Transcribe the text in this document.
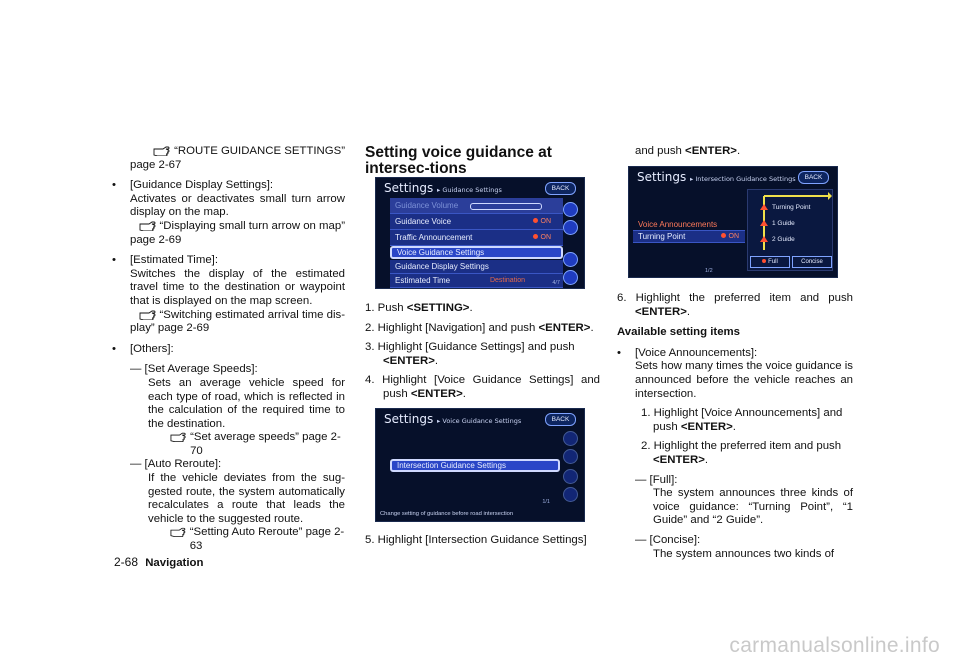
“ROUTE GUIDANCE SETTINGS”

page 2-67

• [Guidance Display Settings]:

Activates or deactivates small turn arrow display on the map.

“Displaying small turn arrow on map”

page 2-69

• [Estimated Time]:

Switches the display of the estimated travel time to the destination or waypoint that is displayed on the map screen.

“Switching estimated arrival time dis-

play” page 2-69

• [Others]:

— [Set Average Speeds]:

Sets an average vehicle speed for each type of road, which is reflected in the calculation of the required time to the destination.

“Set average speeds” page 2-70

— [Auto Reroute]:

If the vehicle deviates from the sug-gested route, the system automatically recalculates a route that leads the vehicle to the suggested route.

“Setting Auto Reroute” page 2-63
Setting voice guidance at intersec-tions
Settings ▸ Guidance Settings	BACK
Guidance Volume
Guidance Voice	ON
Traffic Announcement	ON
Voice Guidance Settings
Guidance Display Settings
Estimated Time	Destination	4/7

1. Push <SETTING>.

2. Highlight [Navigation] and push <ENTER>.

3. Highlight [Guidance Settings] and push <ENTER>.

4. Highlight [Voice Guidance Settings] and push <ENTER>.

Settings ▸ Voice Guidance Settings	BACK
Intersection Guidance Settings
1/1
Change setting of guidance before road intersection

5. Highlight [Intersection Guidance Settings]

and push <ENTER>.

Settings ▸ Intersection Guidance Settings	BACK
Voice Announcements
Turning Point	ON
1/2
Turning Point
1 Guide
2 Guide
Full	Concise

6. Highlight the preferred item and push <ENTER>.

Available setting items

• [Voice Announcements]:

Sets how many times the voice guidance is announced before the vehicle reaches an intersection.

1. Highlight [Voice Announcements] and push <ENTER>.

2. Highlight the preferred item and push <ENTER>.

— [Full]:

The system announces three kinds of voice guidance: “Turning Point”, “1 Guide” and “2 Guide”.

— [Concise]:

The system announces two kinds of

2-68 Navigation
carmanualsonline.info
